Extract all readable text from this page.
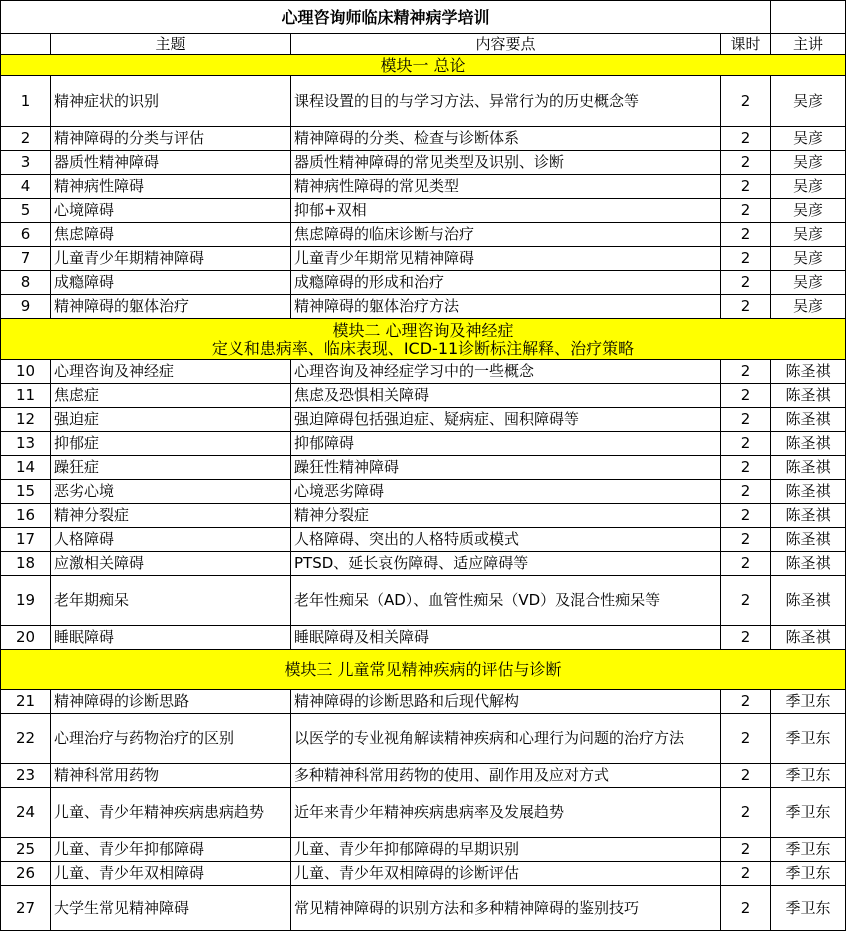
心理咨询师临床精神病学培训				
	主题	内容要点	课时	主讲
模块一 总论				
1	精神症状的识别	课程设置的目的与学习方法、异常行为的历史概念等	2	吴彦
2	精神障碍的分类与评估	精神障碍的分类、检查与诊断体系	2	吴彦
3	器质性精神障碍	器质性精神障碍的常见类型及识别、诊断	2	吴彦
4	精神病性障碍	精神病性障碍的常见类型	2	吴彦
5	心境障碍	抑郁+双相	2	吴彦
6	焦虑障碍	焦虑障碍的临床诊断与治疗	2	吴彦
7	儿童青少年期精神障碍	儿童青少年期常见精神障碍	2	吴彦
8	成瘾障碍	成瘾障碍的形成和治疗	2	吴彦
9	精神障碍的躯体治疗	精神障碍的躯体治疗方法	2	吴彦

模块二 心理咨询及神经症
定义和患病率、临床表现、ICD-11诊断标注解释、治疗策略				

10	心理咨询及神经症	心理咨询及神经症学习中的一些概念	2	陈圣祺
11	焦虑症	焦虑及恐惧相关障碍	2	陈圣祺
12	强迫症	强迫障碍包括强迫症、疑病症、囤积障碍等	2	陈圣祺
13	抑郁症	抑郁障碍	2	陈圣祺
14	躁狂症	躁狂性精神障碍	2	陈圣祺
15	恶劣心境	心境恶劣障碍	2	陈圣祺
16	精神分裂症	精神分裂症	2	陈圣祺
17	人格障碍	人格障碍、突出的人格特质或模式	2	陈圣祺
18	应激相关障碍	PTSD、延长哀伤障碍、适应障碍等	2	陈圣祺
19	老年期痴呆	老年性痴呆（AD）、血管性痴呆（VD）及混合性痴呆等	2	陈圣祺
20	睡眠障碍	睡眠障碍及相关障碍	2	陈圣祺
模块三 儿童常见精神疾病的评估与诊断				
21	精神障碍的诊断思路	精神障碍的诊断思路和后现代解构	2	季卫东
22	心理治疗与药物治疗的区别	以医学的专业视角解读精神疾病和心理行为问题的治疗方法	2	季卫东
23	精神科常用药物	多种精神科常用药物的使用、副作用及应对方式	2	季卫东
24	儿童、青少年精神疾病患病趋势	近年来青少年精神疾病患病率及发展趋势	2	季卫东
25	儿童、青少年抑郁障碍	儿童、青少年抑郁障碍的早期识别	2	季卫东
26	儿童、青少年双相障碍	儿童、青少年双相障碍的诊断评估	2	季卫东
27	大学生常见精神障碍	常见精神障碍的识别方法和多种精神障碍的鉴别技巧	2	季卫东
